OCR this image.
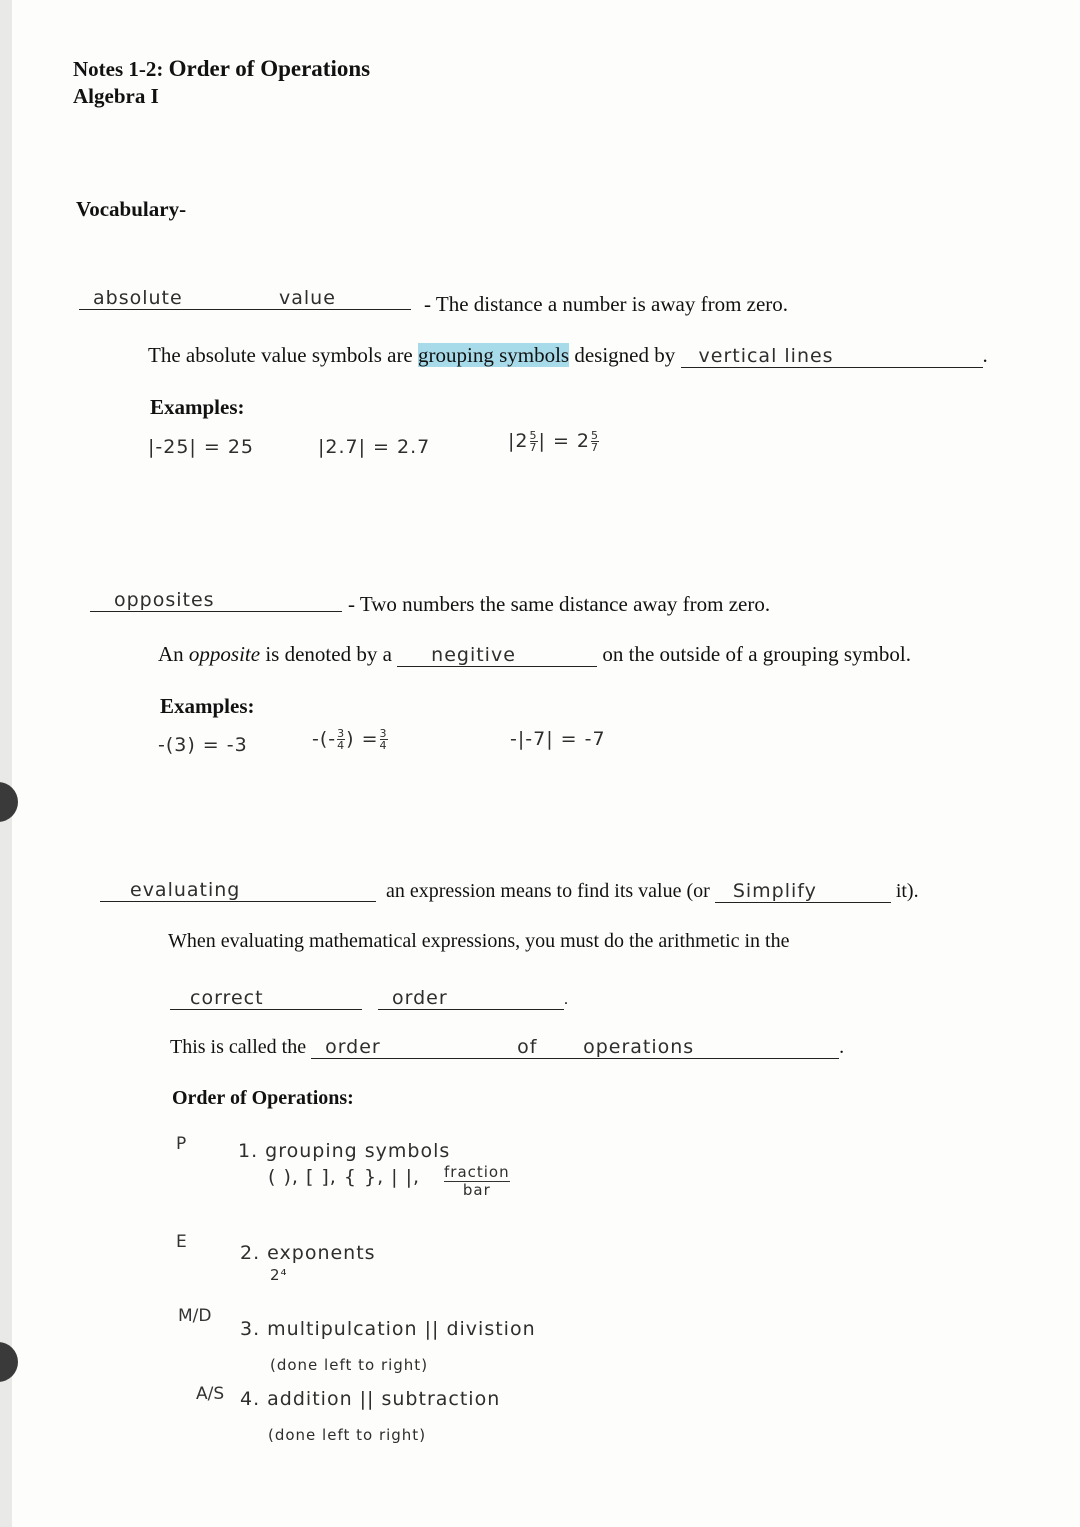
Notes 1-2: Order of Operations
Algebra I
Vocabulary-
absolute	value	- The distance a number is away from zero.
The absolute value symbols are grouping symbols designed by vertical lines	.
Examples:
|-25| = 25	|2.7| = 2.7	$|2 \frac{5}{7}$ | = $2 \frac{5}{7}$
opposites	- Two numbers the same distance away from zero.
An opposite is denoted by a negitive	on the outside of a grouping symbol.
Examples:
-(3) = -3	-(- $\frac{3}{4}$ ) = $\frac{3}{4}$	-|-7| = -7
evaluating	an expression means to find its value (or Simplify	it).
When evaluating mathematical expressions, you must do the arithmetic in the
correct	order	.
This is called the order	of operations	.
Order of Operations:
P	1. grouping symbols
( ), [ ], { }, | |, fraction
bar
E	2. exponents
2⁴
M/D
3. multipulcation || divistion
(done left to right)
A/S 4. addition || subtraction
(done left to right)
